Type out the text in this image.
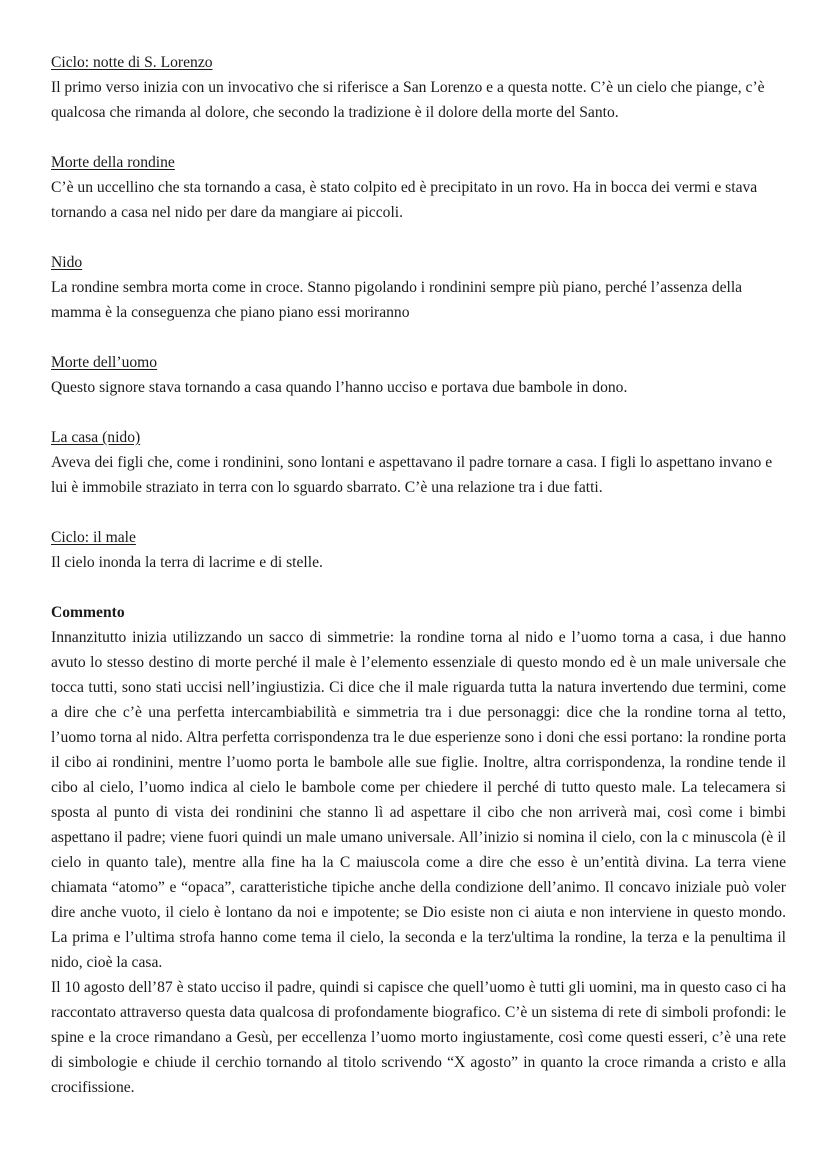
Ciclo: notte di S. Lorenzo

Il primo verso inizia con un invocativo che si riferisce a San Lorenzo e a questa notte. C’è un cielo che piange, c’è qualcosa che rimanda al dolore, che secondo la tradizione è il dolore della morte del Santo.

Morte della rondine

C’è un uccellino che sta tornando a casa, è stato colpito ed è precipitato in un rovo. Ha in bocca dei vermi e stava tornando a casa nel nido per dare da mangiare ai piccoli.

Nido

La rondine sembra morta come in croce. Stanno pigolando i rondinini sempre più piano, perché l’assenza della mamma è la conseguenza che piano piano essi moriranno

Morte dell’uomo

Questo signore stava tornando a casa quando l’hanno ucciso e portava due bambole in dono.

La casa (nido)

Aveva dei figli che, come i rondinini, sono lontani e aspettavano il padre tornare a casa. I figli lo aspettano invano e lui è immobile straziato in terra con lo sguardo sbarrato. C’è una relazione tra i due fatti.

Ciclo: il male

Il cielo inonda la terra di lacrime e di stelle.

Commento

Innanzitutto inizia utilizzando un sacco di simmetrie: la rondine torna al nido e l’uomo torna a casa, i due hanno avuto lo stesso destino di morte perché il male è l’elemento essenziale di questo mondo ed è un male universale che tocca tutti, sono stati uccisi nell’ingiustizia. Ci dice che il male riguarda tutta la natura invertendo due termini, come a dire che c’è una perfetta intercambiabilità e simmetria tra i due personaggi: dice che la rondine torna al tetto, l’uomo torna al nido. Altra perfetta corrispondenza tra le due esperienze sono i doni che essi portano: la rondine porta il cibo ai rondinini, mentre l’uomo porta le bambole alle sue figlie. Inoltre, altra corrispondenza, la rondine tende il cibo al cielo, l’uomo indica al cielo le bambole come per chiedere il perché di tutto questo male. La telecamera si sposta al punto di vista dei rondinini che stanno lì ad aspettare il cibo che non arriverà mai, così come i bimbi aspettano il padre; viene fuori quindi un male umano universale. All’inizio si nomina il cielo, con la c minuscola (è il cielo in quanto tale), mentre alla fine ha la C maiuscola come a dire che esso è un’entità divina. La terra viene chiamata “atomo” e “opaca”, caratteristiche tipiche anche della condizione dell’animo. Il concavo iniziale può voler dire anche vuoto, il cielo è lontano da noi e impotente; se Dio esiste non ci aiuta e non interviene in questo mondo. La prima e l’ultima strofa hanno come tema il cielo, la seconda e la terz'ultima la rondine, la terza e la penultima il nido, cioè la casa.

Il 10 agosto dell’87 è stato ucciso il padre, quindi si capisce che quell’uomo è tutti gli uomini, ma in questo caso ci ha raccontato attraverso questa data qualcosa di profondamente biografico. C’è un sistema di rete di simboli profondi: le spine e la croce rimandano a Gesù, per eccellenza l’uomo morto ingiustamente, così come questi esseri, c’è una rete di simbologie e chiude il cerchio tornando al titolo scrivendo “X agosto” in quanto la croce rimanda a cristo e alla crocifissione.
